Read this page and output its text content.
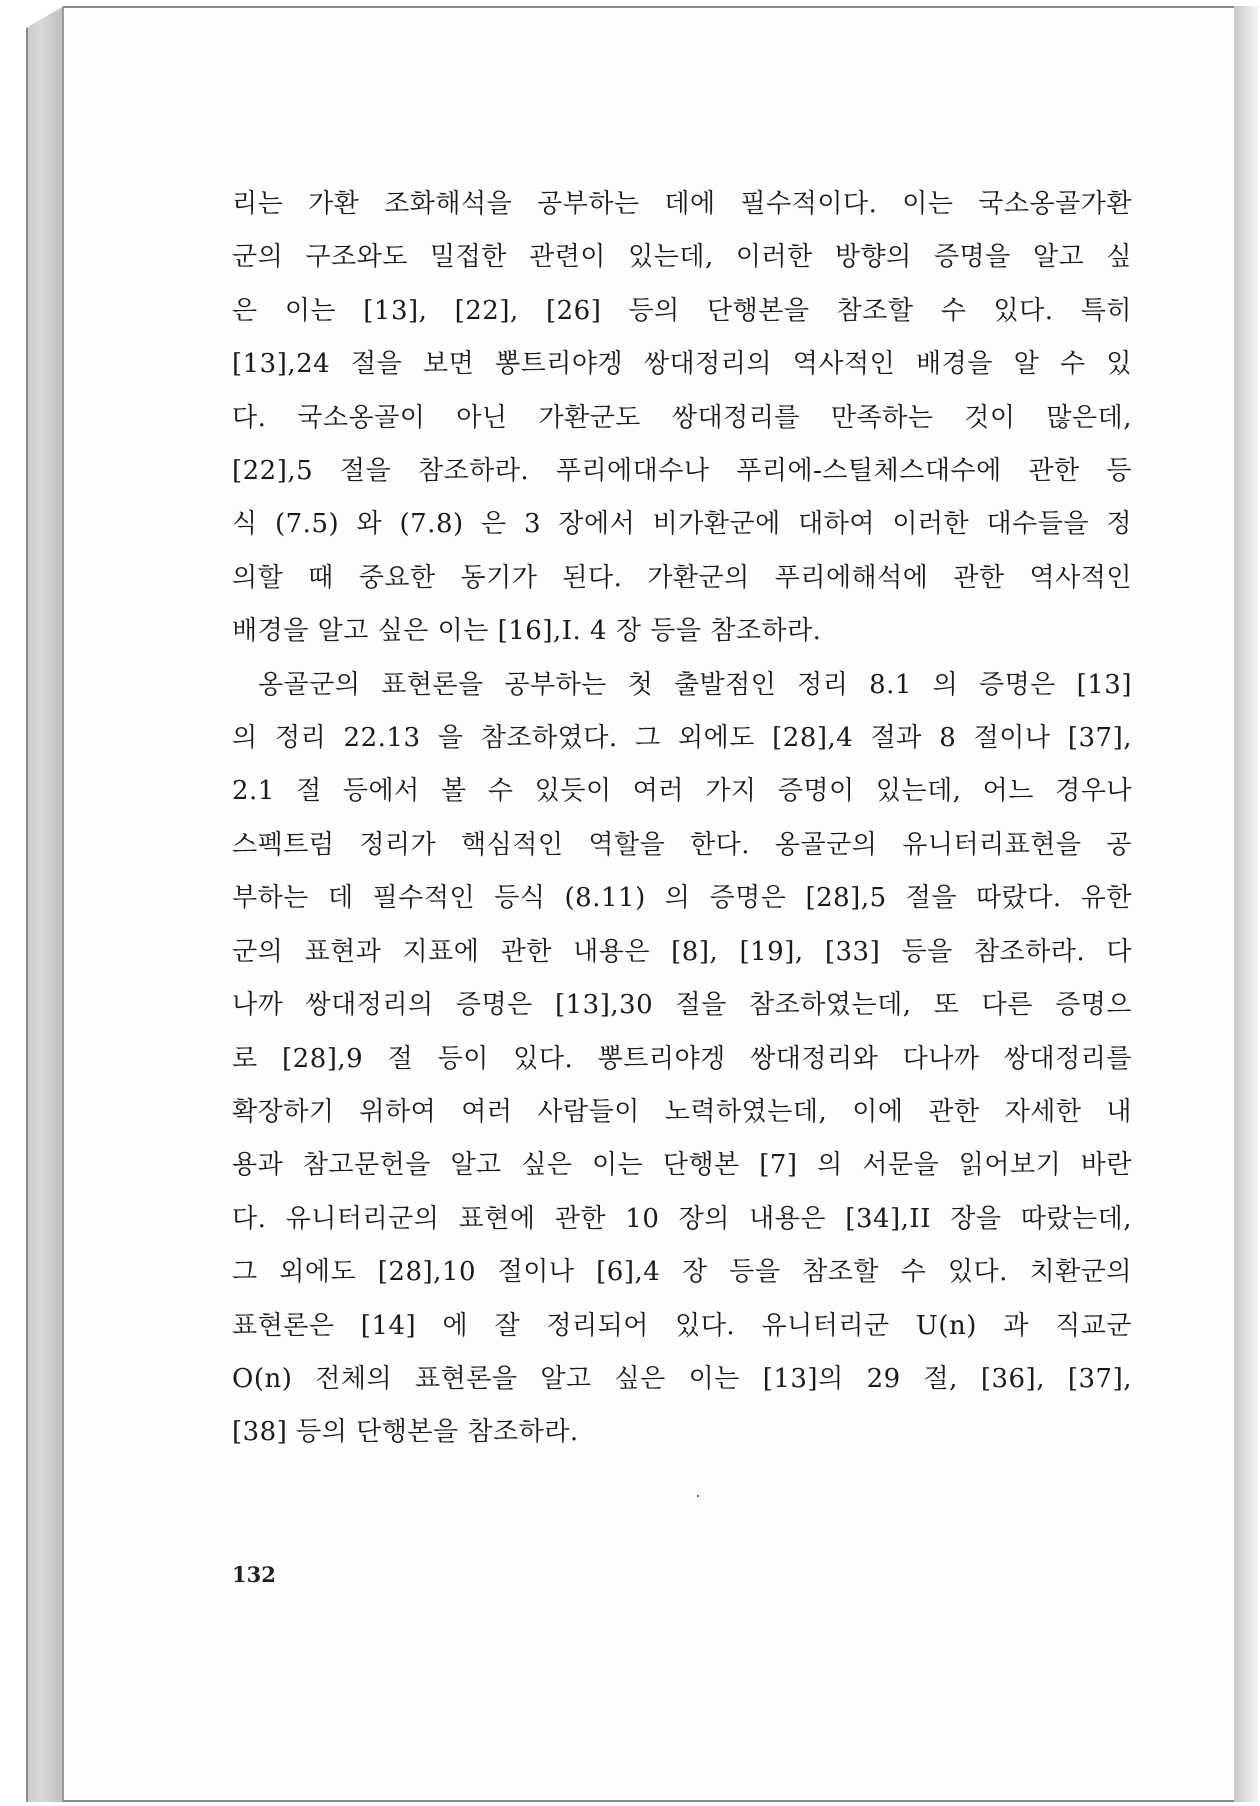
리는 가환 조화해석을 공부하는 데에 필수적이다. 이는 국소옹골가환
군의 구조와도 밀접한 관련이 있는데, 이러한 방향의 증명을 알고 싶
은 이는 [13], [22], [26] 등의 단행본을 참조할 수 있다. 특히
[13],24 절을 보면 뽕트리야겡 쌍대정리의 역사적인 배경을 알 수 있
다. 국소옹골이 아닌 가환군도 쌍대정리를 만족하는 것이 많은데,
[22],5 절을 참조하라. 푸리에대수나 푸리에-스틸체스대수에 관한 등
식 (7.5) 와 (7.8) 은 3 장에서 비가환군에 대하여 이러한 대수들을 정
의할 때 중요한 동기가 된다. 가환군의 푸리에해석에 관한 역사적인
배경을 알고 싶은 이는 [16],I. 4 장 등을 참조하라.

옹골군의 표현론을 공부하는 첫 출발점인 정리 8.1 의 증명은 [13]
의 정리 22.13 을 참조하였다. 그 외에도 [28],4 절과 8 절이나 [37],
2.1 절 등에서 볼 수 있듯이 여러 가지 증명이 있는데, 어느 경우나
스펙트럼 정리가 핵심적인 역할을 한다. 옹골군의 유니터리표현을 공
부하는 데 필수적인 등식 (8.11) 의 증명은 [28],5 절을 따랐다. 유한
군의 표현과 지표에 관한 내용은 [8], [19], [33] 등을 참조하라. 다
나까 쌍대정리의 증명은 [13],30 절을 참조하였는데, 또 다른 증명으
로 [28],9 절 등이 있다. 뽕트리야겡 쌍대정리와 다나까 쌍대정리를
확장하기 위하여 여러 사람들이 노력하였는데, 이에 관한 자세한 내
용과 참고문헌을 알고 싶은 이는 단행본 [7] 의 서문을 읽어보기 바란
다. 유니터리군의 표현에 관한 10 장의 내용은 [34],II 장을 따랐는데,
그 외에도 [28],10 절이나 [6],4 장 등을 참조할 수 있다. 치환군의
표현론은 [14] 에 잘 정리되어 있다. 유니터리군 U(n) 과 직교군
O(n) 전체의 표현론을 알고 싶은 이는 [13]의 29 절, [36], [37],
[38] 등의 단행본을 참조하라.

132
